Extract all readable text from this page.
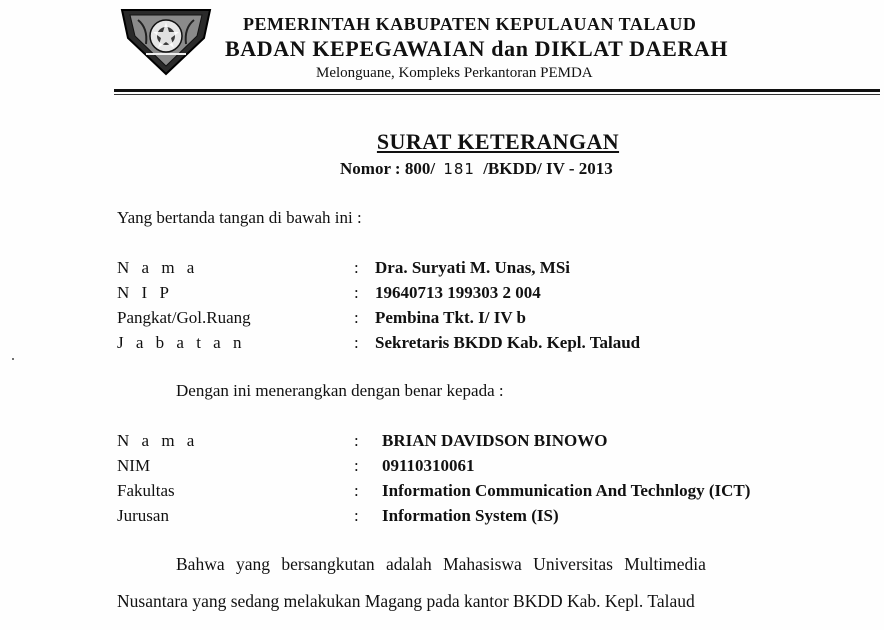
PEMERINTAH KABUPATEN KEPULAUAN TALAUD
BADAN KEPEGAWAIAN dan DIKLAT DAERAH
Melonguane, Kompleks Perkantoran PEMDA
SURAT KETERANGAN
Nomor : 800/ 181 /BKDD/ IV - 2013
Yang bertanda tangan di bawah ini :
N a m a	: Dra. Suryati M. Unas, MSi
N I P	: 19640713 199303 2 004
Pangkat/Gol.Ruang	: Pembina Tkt. I/ IV b
J a b a t a n	: Sekretaris BKDD Kab. Kepl. Talaud
Dengan ini menerangkan dengan benar kepada :
N a m a	: BRIAN DAVIDSON BINOWO
NIM	: 09110310061
Fakultas	: Information Communication And Technlogy (ICT)
Jurusan	: Information System (IS)
Bahwa yang bersangkutan adalah Mahasiswa Universitas Multimedia
Nusantara yang sedang melakukan Magang pada kantor BKDD Kab. Kepl. Talaud
